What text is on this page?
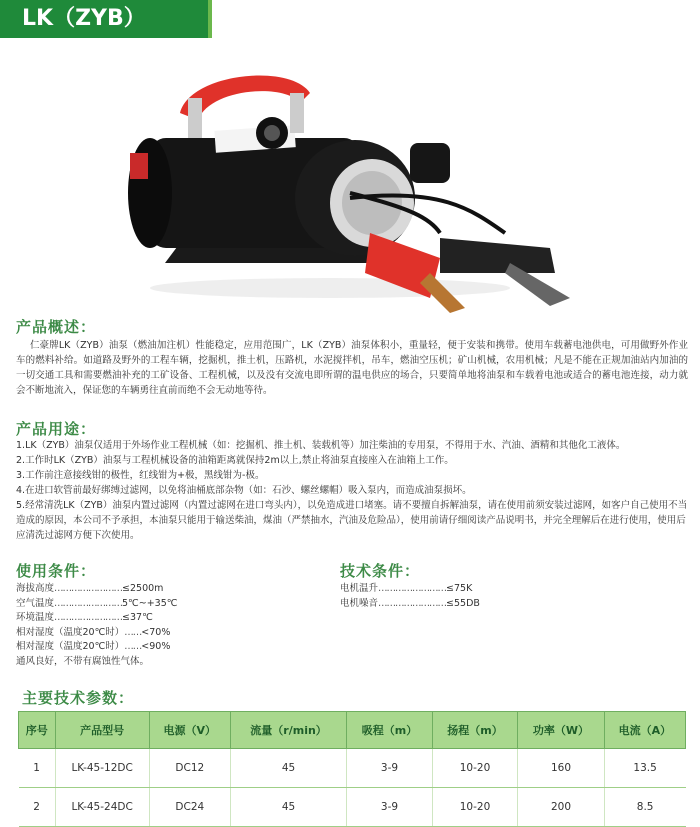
LK（ZYB）
产品概述：
仁豪牌LK（ZYB）油泵（燃油加注机）性能稳定，应用范围广，LK（ZYB）油泵体积小，重量轻，便于安装和携带。使用车载蓄电池供电，可用做野外作业车的燃料补给。如道路及野外的工程车辆，挖掘机，推土机，压路机，水泥搅拌机，吊车，燃油空压机；矿山机械，农用机械；凡是不能在正规加油站内加油的一切交通工具和需要燃油补充的工矿设备、工程机械，以及没有交流电即所谓的温电供应的场合，只要简单地将油泵和车载着电池或适合的蓄电池连接，动力就会不断地流入，保证您的车辆勇往直前而绝不会无动地等待。
产品用途：

1.LK（ZYB）油泵仅适用于外场作业工程机械（如：挖掘机、推土机、装载机等）加注柴油的专用泵，不得用于水、汽油、酒精和其他化工液体。

2.工作时LK（ZYB）油泵与工程机械设备的油箱距离就保持2m以上,禁止将油泵直接座入在油箱上工作。

3.工作前注意接线钳的极性，红线钳为+极，黑线钳为-极。

4.在进口软管前最好绑缚过滤网，以免将油桶底部杂物（如：石沙、螺丝螺帽）吸入泵内，而造成油泵损坏。

5.经常清洗LK（ZYB）油泵内置过滤网（内置过滤网在进口弯头内），以免造成进口堵塞。请不要擅自拆解油泵，请在使用前须安装过滤网，如客户自己使用不当造成的原因，本公司不予承担，本油泵只能用于输送柴油，煤油（严禁抽水，汽油及危险品），使用前请仔细阅读产品说明书，并完全理解后在进行使用，使用后应清洗过滤网方便下次使用。

使用条件：
海拔高度……………………≤2500m
空气温度……………………5℃~+35℃
环境温度……………………≤37℃
相对湿度（温度20℃时）……<70%
相对湿度（温度20℃时）……<90%
通风良好，不带有腐蚀性气体。
技术条件：
电机温升……………………≤75K
电机噪音……………………≤55DB
主要技术参数：
序号	产品型号	电源（V）	流量（r/min）	吸程（m）	扬程（m）	功率（W）	电流（A）
1	LK-45-12DC	DC12	45	3-9	10-20	160	13.5
2	LK-45-24DC	DC24	45	3-9	10-20	200	8.5
